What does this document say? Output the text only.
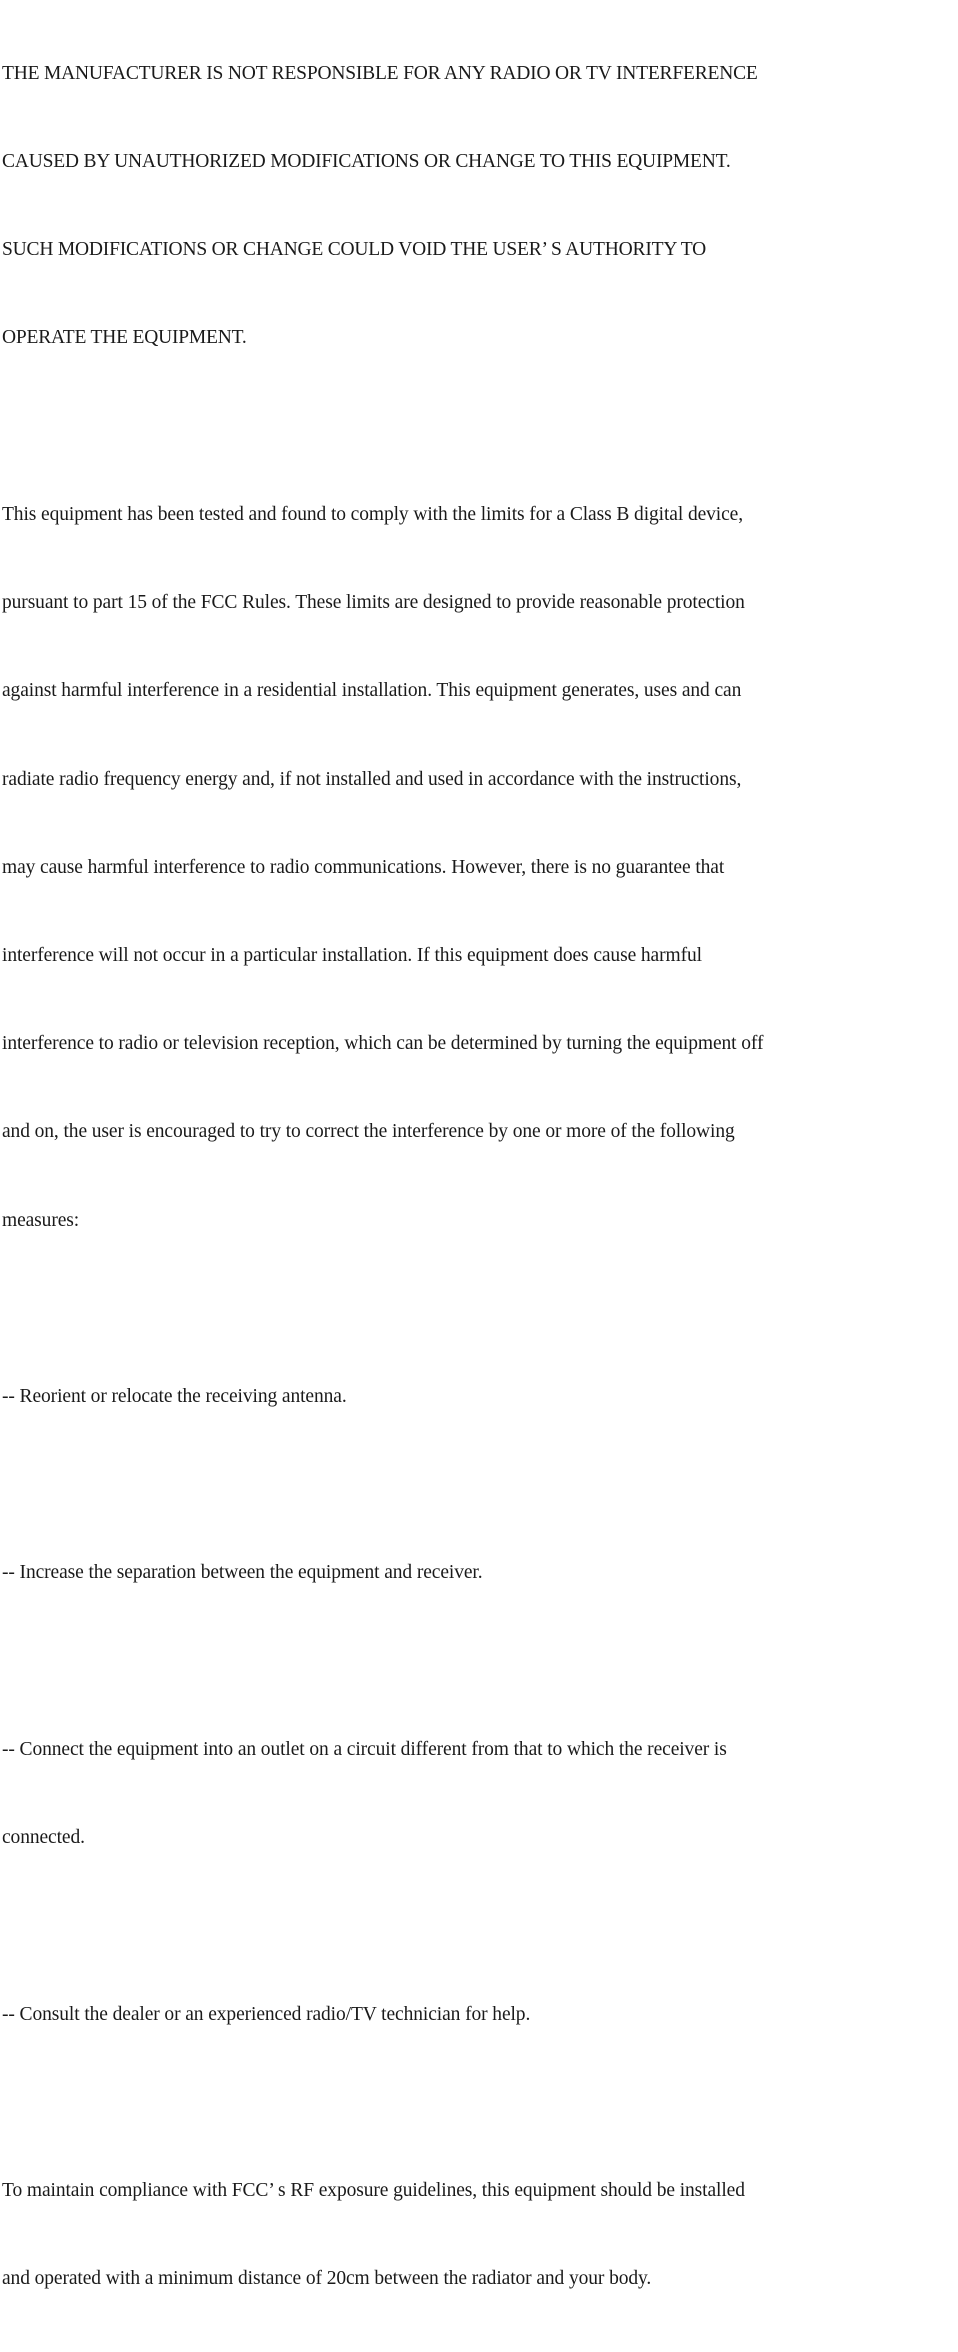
THE MANUFACTURER IS NOT RESPONSIBLE FOR ANY RADIO OR TV INTERFERENCE

CAUSED BY UNAUTHORIZED MODIFICATIONS OR CHANGE TO THIS EQUIPMENT.

SUCH MODIFICATIONS OR CHANGE COULD VOID THE USER’ S AUTHORITY TO

OPERATE THE EQUIPMENT.

This equipment has been tested and found to comply with the limits for a Class B digital device,

pursuant to part 15 of the FCC Rules. These limits are designed to provide reasonable protection

against harmful interference in a residential installation. This equipment generates, uses and can

radiate radio frequency energy and, if not installed and used in accordance with the instructions,

may cause harmful interference to radio communications. However, there is no guarantee that

interference will not occur in a particular installation. If this equipment does cause harmful

interference to radio or television reception, which can be determined by turning the equipment off

and on, the user is encouraged to try to correct the interference by one or more of the following

measures:

-- Reorient or relocate the receiving antenna.

-- Increase the separation between the equipment and receiver.

-- Connect the equipment into an outlet on a circuit different from that to which the receiver is

connected.

-- Consult the dealer or an experienced radio/TV technician for help.

To maintain compliance with FCC’ s RF exposure guidelines, this equipment should be installed

and operated with a minimum distance of 20cm between the radiator and your body.
